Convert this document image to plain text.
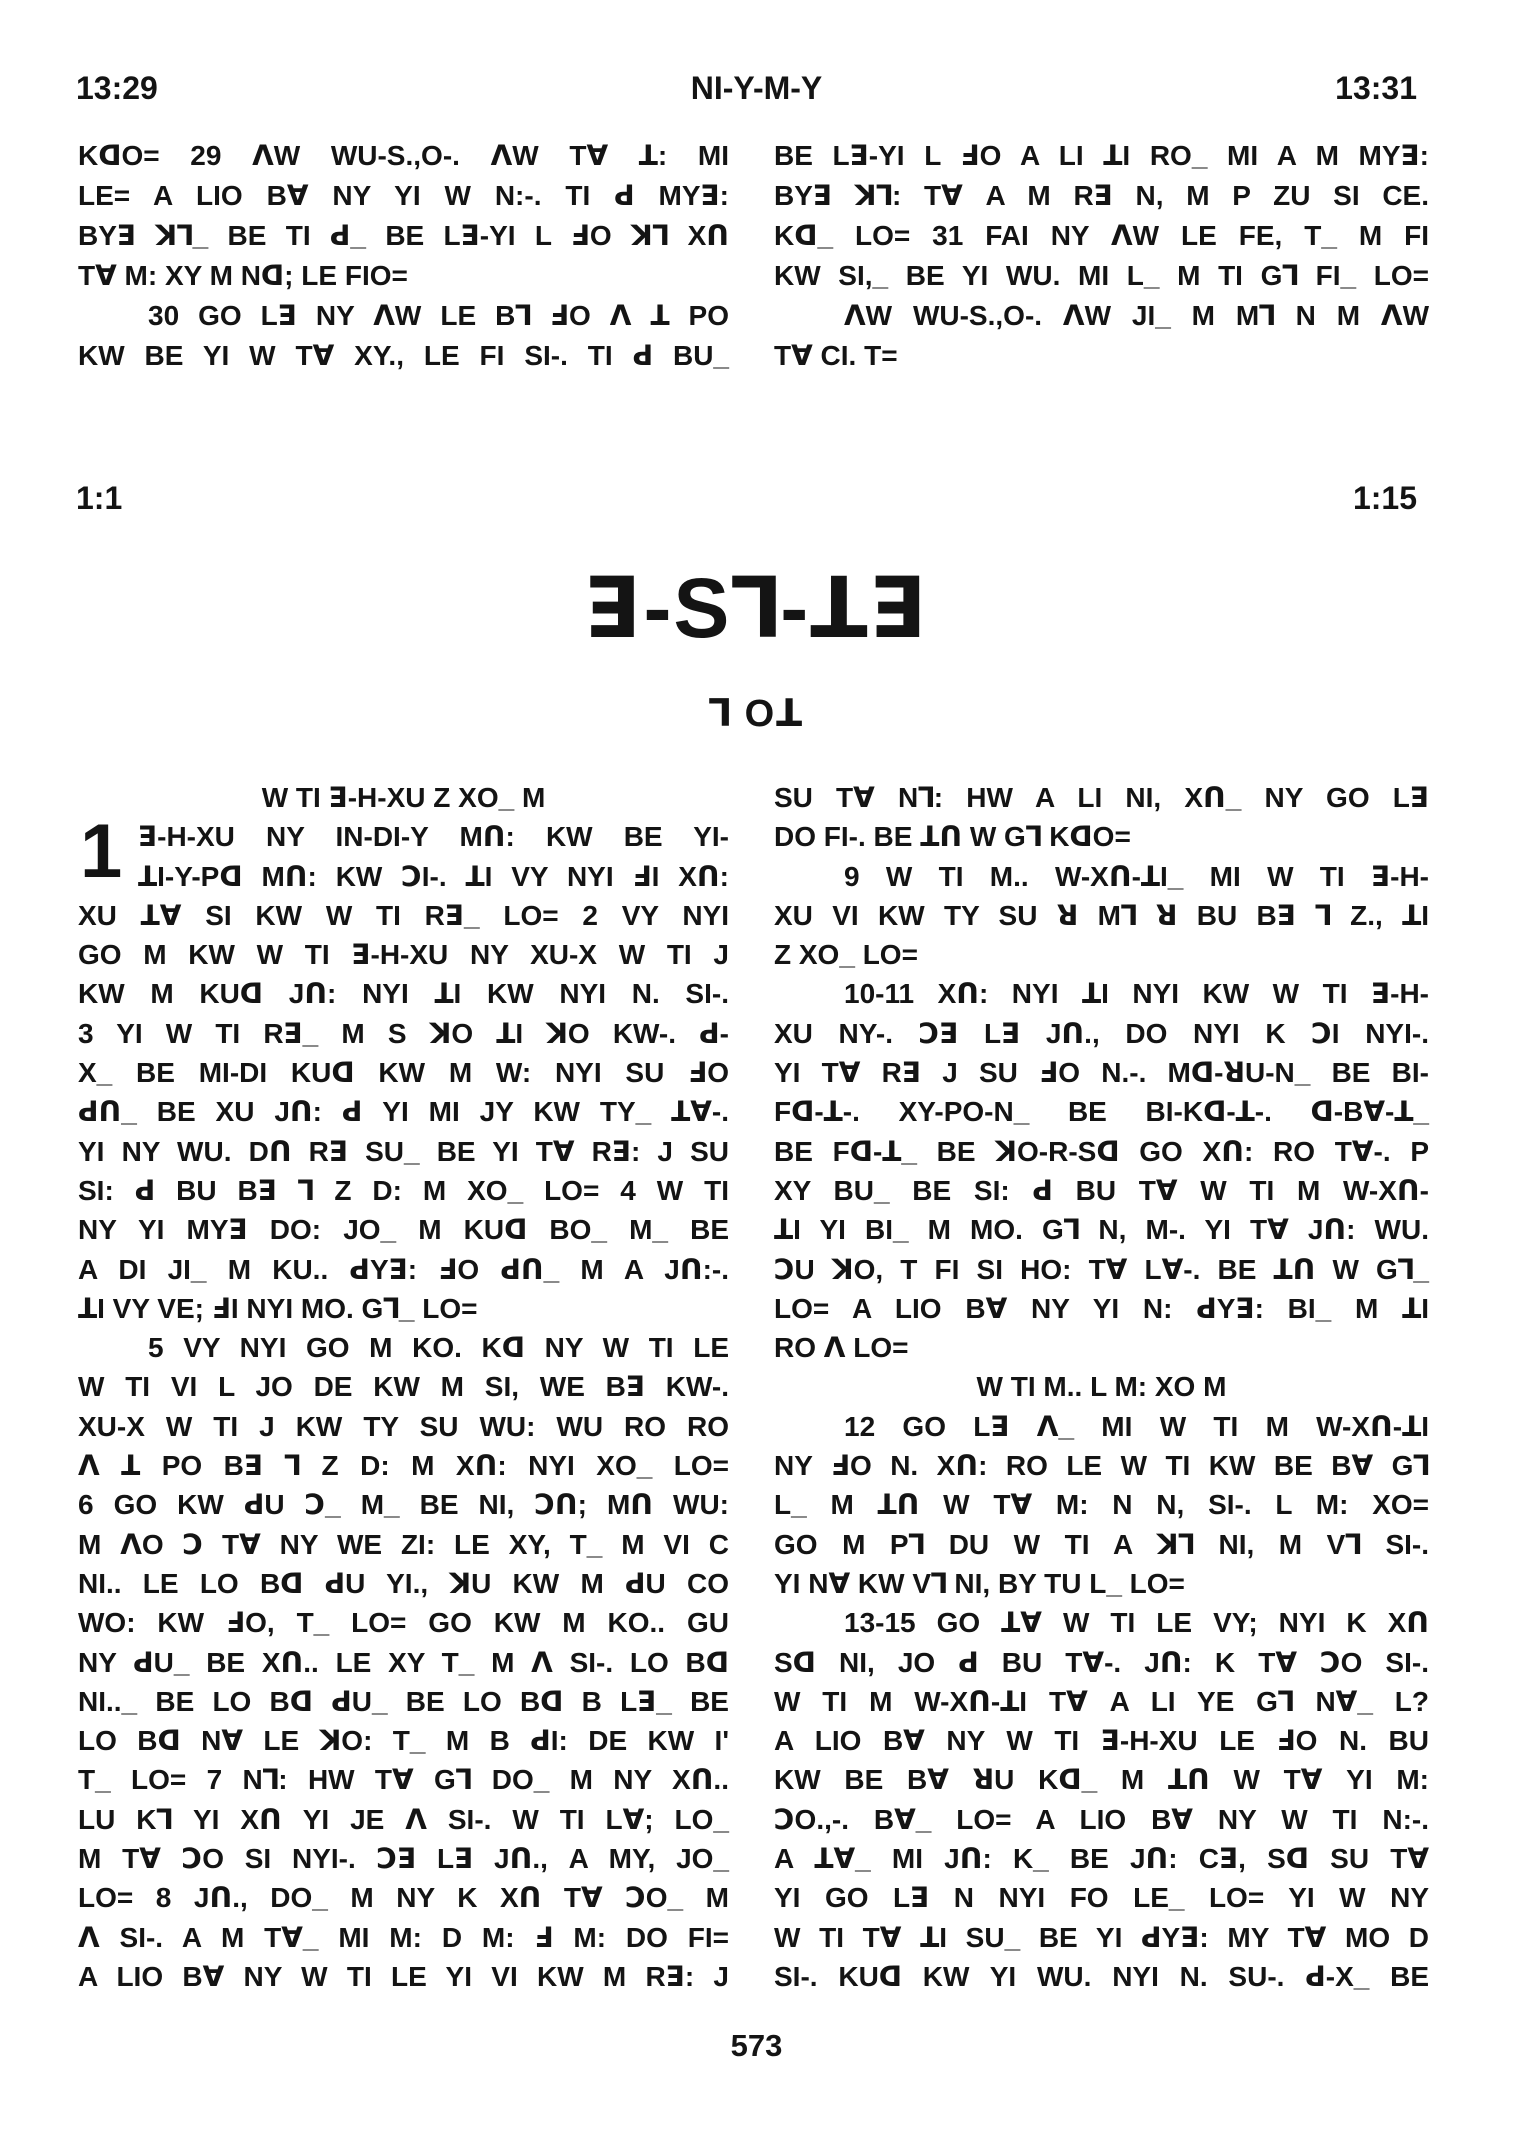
13:29	NI-Y-M-Y	13:31
KꓷO= 29 ꓥW WU-S.,O-. ꓥW Tꓯ ꓕ: MI
LE= A LIO Bꓯ NY YI W N:-. TI ꓒ MYꓱ:
BYꓱ ꓘꓶ_ BE TI ꓒ_ BE Lꓱ-YI L ꓞO ꓘꓶ Xꓵ
Tꓯ M: XY M Nꓷ; LE FIO=
30 GO Lꓱ NY ꓥW LE Bꓶ ꓞO ꓥ ꓕ PO
KW BE YI W Tꓯ XY., LE FI SI-. TI ꓒ BU_
BE Lꓱ-YI L ꓞO A LI ꓕI RO_ MI A M MYꓱ:
BYꓱ ꓘꓶ: Tꓯ A M Rꓱ N, M P ZU SI CE.
Kꓷ_ LO= 31 FAI NY ꓥW LE FE, T_ M FI
KW SI,_ BE YI WU. MI L_ M TI Gꓶ FI_ LO=
ꓥW WU-S.,O-. ꓥW JI_ M Mꓶ N M ꓥW
Tꓯ CI. T=
1:1	1:15
ꓱ-Sꓶ-ꓕꓱ
ꓶ Oꓕ
1
W TI ꓱ-H-XU Z XO_ M
ꓱ-H-XU NY IN-DI-Y Mꓵ: KW BE YI-
ꓕI-Y-Pꓷ Mꓵ: KW ꓛI-. ꓕI VY NYI ꓞI Xꓵ:
XU ꓕꓯ SI KW W TI Rꓱ_ LO= 2 VY NYI
GO M KW W TI ꓱ-H-XU NY XU-X W TI J
KW M KUꓷ Jꓵ: NYI ꓕI KW NYI N. SI-.
3 YI W TI Rꓱ_ M S ꓘO ꓕI ꓘO KW-. ꓒ-
X_ BE MI-DI KUꓷ KW M W: NYI SU ꓞO
ꓒꓵ_ BE XU Jꓵ: ꓒ YI MI JY KW TY_ ꓕꓯ-.
YI NY WU. Dꓵ Rꓱ SU_ BE YI Tꓯ Rꓱ: J SU
SI: ꓒ BU Bꓱ ꓶ Z D: M XO_ LO= 4 W TI
NY YI MYꓱ DO: JO_ M KUꓷ BO_ M_ BE
A DI JI_ M KU.. ꓒYꓱ: ꓞO ꓒꓵ_ M A Jꓵ:-.
ꓕI VY VE; ꓞI NYI MO. Gꓶ_ LO=
5 VY NYI GO M KO. Kꓷ NY W TI LE
W TI VI L JO DE KW M SI, WE Bꓱ KW-.
XU-X W TI J KW TY SU WU: WU RO RO
ꓥ ꓕ PO Bꓱ ꓶ Z D: M Xꓵ: NYI XO_ LO=
6 GO KW ꓒU ꓛ_ M_ BE NI, ꓛꓵ; Mꓵ WU:
M ꓥO ꓛ Tꓯ NY WE ZI: LE XY, T_ M VI C
NI.. LE LO Bꓷ ꓒU YI., ꓘU KW M ꓒU CO
WO: KW ꓞO, T_ LO= GO KW M KO.. GU
NY ꓒU_ BE Xꓵ.. LE XY T_ M ꓥ SI-. LO Bꓷ
NI.._ BE LO Bꓷ ꓒU_ BE LO Bꓷ B Lꓱ_ BE
LO Bꓷ Nꓯ LE ꓘO: T_ M B ꓒI: DE KW I'
T_ LO= 7 Nꓶ: HW Tꓯ Gꓶ DO_ M NY Xꓵ..
LU Kꓶ YI Xꓵ YI JE ꓥ SI-. W TI Lꓯ; LO_
M Tꓯ ꓛO SI NYI-. ꓛꓱ Lꓱ Jꓵ., A MY, JO_
LO= 8 Jꓵ., DO_ M NY K Xꓵ Tꓯ ꓛO_ M
ꓥ SI-. A M Tꓯ_ MI M: D M: ꓞ M: DO FI=
A LIO Bꓯ NY W TI LE YI VI KW M Rꓱ: J
SU Tꓯ Nꓶ: HW A LI NI, Xꓵ_ NY GO Lꓱ
DO FI-. BE ꓕꓵ W Gꓶ KꓷO=
9 W TI M.. W-Xꓵ-ꓕI_ MI W TI ꓱ-H-
XU VI KW TY SU ꓤ Mꓶ ꓤ BU Bꓱ ꓶ Z., ꓕI
Z XO_ LO=
10-11 Xꓵ: NYI ꓕI NYI KW W TI ꓱ-H-
XU NY-. ꓛꓱ Lꓱ Jꓵ., DO NYI K ꓛI NYI-.
YI Tꓯ Rꓱ J SU ꓞO N.-. Mꓷ-ꓤU-N_ BE BI-
Fꓷ-ꓕ-. XY-PO-N_ BE BI-Kꓷ-ꓕ-. ꓷ-Bꓯ-ꓕ_
BE Fꓷ-ꓕ_ BE ꓘO-R-Sꓷ GO Xꓵ: RO Tꓯ-. P
XY BU_ BE SI: ꓒ BU Tꓯ W TI M W-Xꓵ-
ꓕI YI BI_ M MO. Gꓶ N, M-. YI Tꓯ Jꓵ: WU.
ꓛU ꓘO, T FI SI HO: Tꓯ Lꓯ-. BE ꓕꓵ W Gꓶ_
LO= A LIO Bꓯ NY YI N: ꓒYꓱ: BI_ M ꓕI
RO ꓥ LO=
W TI M.. L M: XO M
12 GO Lꓱ ꓥ_ MI W TI M W-Xꓵ-ꓕI
NY ꓞO N. Xꓵ: RO LE W TI KW BE Bꓯ Gꓶ
L_ M ꓕꓵ W Tꓯ M: N N, SI-. L M: XO=
GO M Pꓶ DU W TI A ꓘꓶ NI, M Vꓶ SI-.
YI Nꓯ KW Vꓶ NI, BY TU L_ LO=
13-15 GO ꓕꓯ W TI LE VY; NYI K Xꓵ
Sꓷ NI, JO ꓒ BU Tꓯ-. Jꓵ: K Tꓯ ꓛO SI-.
W TI M W-Xꓵ-ꓕI Tꓯ A LI YE Gꓶ Nꓯ_ L?
A LIO Bꓯ NY W TI ꓱ-H-XU LE ꓞO N. BU
KW BE Bꓯ ꓤU Kꓷ_ M ꓕꓵ W Tꓯ YI M:
ꓛO.,-. Bꓯ_ LO= A LIO Bꓯ NY W TI N:-.
A ꓕꓯ_ MI Jꓵ: K_ BE Jꓵ: Cꓱ, Sꓷ SU Tꓯ
YI GO Lꓱ N NYI FO LE_ LO= YI W NY
W TI Tꓯ ꓕI SU_ BE YI ꓒYꓱ: MY Tꓯ MO D
SI-. KUꓷ KW YI WU. NYI N. SU-. ꓒ-X_ BE
573
